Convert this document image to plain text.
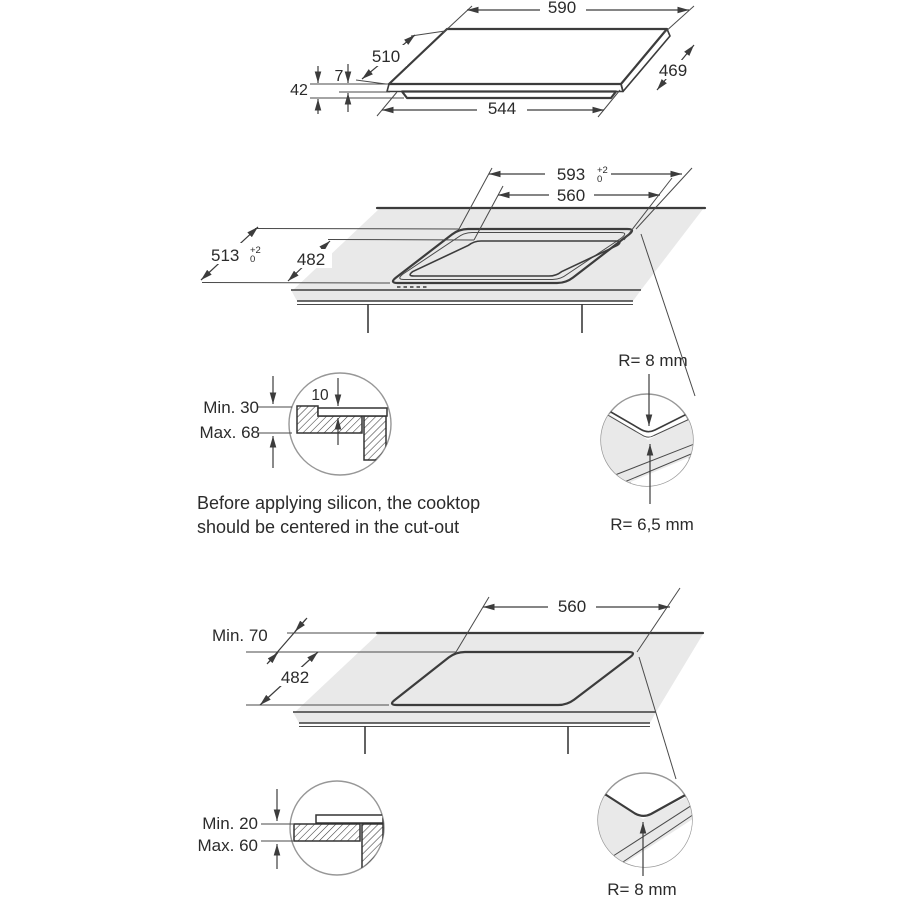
590
510
469
7
42
544
593 +2
0
560
513 +2
0 482
R= 8 mm
R= 6,5 mm
10
Min. 30
Max. 68
Before applying silicon, the cooktop
should be centered in the cut-out
560
Min. 70
482
Min. 20
Max. 60
R= 8 mm
